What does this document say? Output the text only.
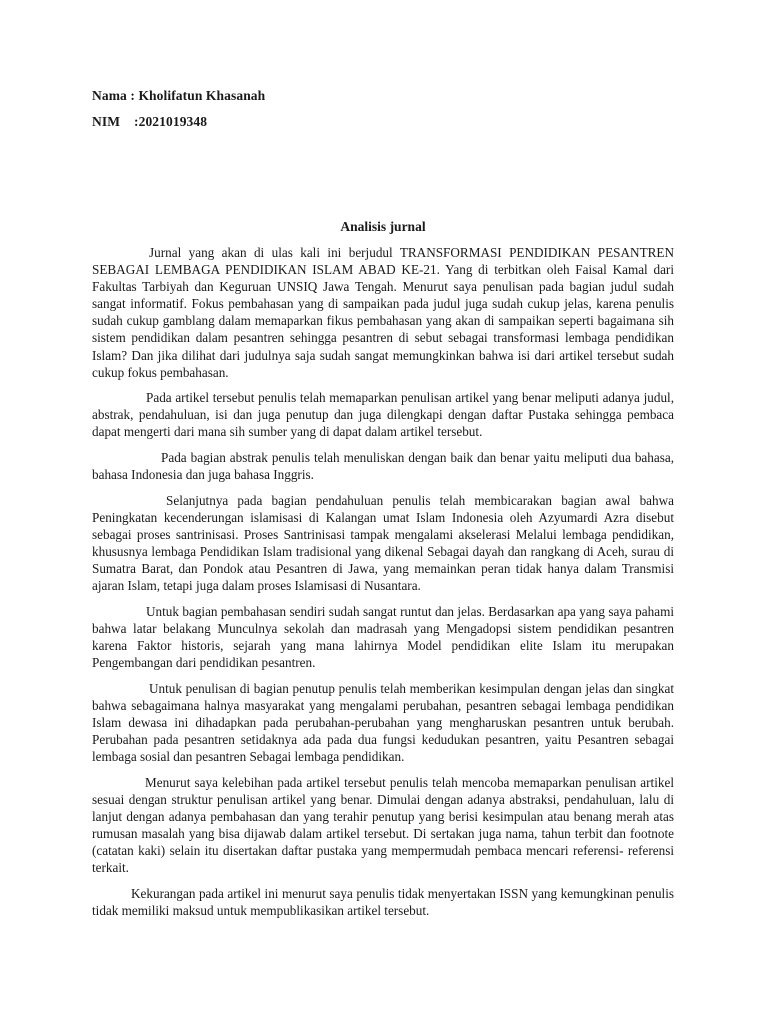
Nama : Kholifatun Khasanah
NIM :2021019348
Analisis jurnal

Jurnal yang akan di ulas kali ini berjudul TRANSFORMASI PENDIDIKAN PESANTREN SEBAGAI LEMBAGA PENDIDIKAN ISLAM ABAD KE-21. Yang di terbitkan oleh Faisal Kamal dari Fakultas Tarbiyah dan Keguruan UNSIQ Jawa Tengah. Menurut saya penulisan pada bagian judul sudah sangat informatif. Fokus pembahasan yang di sampaikan pada judul juga sudah cukup jelas, karena penulis sudah cukup gamblang dalam memaparkan fikus pembahasan yang akan di sampaikan seperti bagaimana sih sistem pendidikan dalam pesantren sehingga pesantren di sebut sebagai transformasi lembaga pendidikan Islam? Dan jika dilihat dari judulnya saja sudah sangat memungkinkan bahwa isi dari artikel tersebut sudah cukup fokus pembahasan.

Pada artikel tersebut penulis telah memaparkan penulisan artikel yang benar meliputi adanya judul, abstrak, pendahuluan, isi dan juga penutup dan juga dilengkapi dengan daftar Pustaka sehingga pembaca dapat mengerti dari mana sih sumber yang di dapat dalam artikel tersebut.

Pada bagian abstrak penulis telah menuliskan dengan baik dan benar yaitu meliputi dua bahasa, bahasa Indonesia dan juga bahasa Inggris.

Selanjutnya pada bagian pendahuluan penulis telah membicarakan bagian awal bahwa Peningkatan kecenderungan islamisasi di Kalangan umat Islam Indonesia oleh Azyumardi Azra disebut sebagai proses santrinisasi. Proses Santrinisasi tampak mengalami akselerasi Melalui lembaga pendidikan, khususnya lembaga Pendidikan Islam tradisional yang dikenal Sebagai dayah dan rangkang di Aceh, surau di Sumatra Barat, dan Pondok atau Pesantren di Jawa, yang memainkan peran tidak hanya dalam Transmisi ajaran Islam, tetapi juga dalam proses Islamisasi di Nusantara.

Untuk bagian pembahasan sendiri sudah sangat runtut dan jelas. Berdasarkan apa yang saya pahami bahwa latar belakang Munculnya sekolah dan madrasah yang Mengadopsi sistem pendidikan pesantren karena Faktor historis, sejarah yang mana lahirnya Model pendidikan elite Islam itu merupakan Pengembangan dari pendidikan pesantren.

Untuk penulisan di bagian penutup penulis telah memberikan kesimpulan dengan jelas dan singkat bahwa sebagaimana halnya masyarakat yang mengalami perubahan, pesantren sebagai lembaga pendidikan Islam dewasa ini dihadapkan pada perubahan-perubahan yang mengharuskan pesantren untuk berubah. Perubahan pada pesantren setidaknya ada pada dua fungsi kedudukan pesantren, yaitu Pesantren sebagai lembaga sosial dan pesantren Sebagai lembaga pendidikan.

Menurut saya kelebihan pada artikel tersebut penulis telah mencoba memaparkan penulisan artikel sesuai dengan struktur penulisan artikel yang benar. Dimulai dengan adanya abstraksi, pendahuluan, lalu di lanjut dengan adanya pembahasan dan yang terahir penutup yang berisi kesimpulan atau benang merah atas rumusan masalah yang bisa dijawab dalam artikel tersebut. Di sertakan juga nama, tahun terbit dan footnote (catatan kaki) selain itu disertakan daftar pustaka yang mempermudah pembaca mencari referensi- referensi terkait.

Kekurangan pada artikel ini menurut saya penulis tidak menyertakan ISSN yang kemungkinan penulis tidak memiliki maksud untuk mempublikasikan artikel tersebut.
